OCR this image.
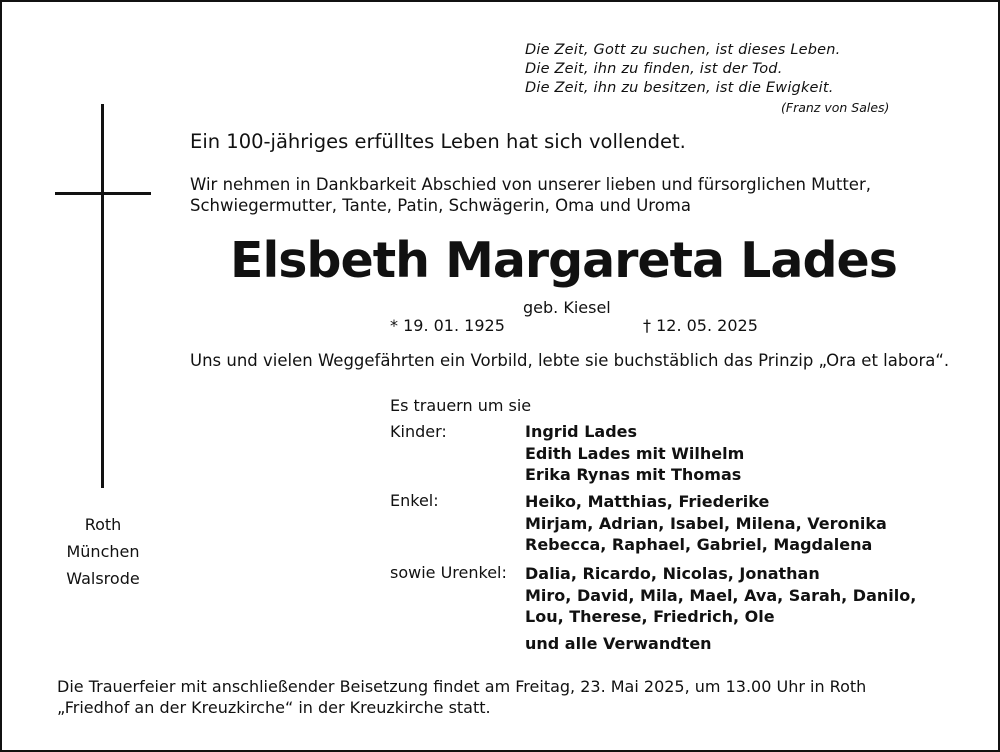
Die Zeit, Gott zu suchen, ist dieses Leben.
Die Zeit, ihn zu finden, ist der Tod.
Die Zeit, ihn zu besitzen, ist die Ewigkeit.
(Franz von Sales)
Roth
München
Walsrode
Ein 100-jähriges erfülltes Leben hat sich vollendet.
Wir nehmen in Dankbarkeit Abschied von unserer lieben und fürsorglichen Mutter,
Schwiegermutter, Tante, Patin, Schwägerin, Oma und Uroma
Elsbeth Margareta Lades
geb. Kiesel
* 19. 01. 1925	† 12. 05. 2025
Uns und vielen Weggefährten ein Vorbild, lebte sie buchstäblich das Prinzip „Ora et labora“.
Es trauern um sie
Kinder:	Ingrid Lades
Edith Lades mit Wilhelm
Erika Rynas mit Thomas
Enkel:	Heiko, Matthias, Friederike
Mirjam, Adrian, Isabel, Milena, Veronika
Rebecca, Raphael, Gabriel, Magdalena
sowie Urenkel: Dalia, Ricardo, Nicolas, Jonathan
Miro, David, Mila, Mael, Ava, Sarah, Danilo,
Lou, Therese, Friedrich, Ole
und alle Verwandten
Die Trauerfeier mit anschließender Beisetzung findet am Freitag, 23. Mai 2025, um 13.00 Uhr in Roth
„Friedhof an der Kreuzkirche“ in der Kreuzkirche statt.
